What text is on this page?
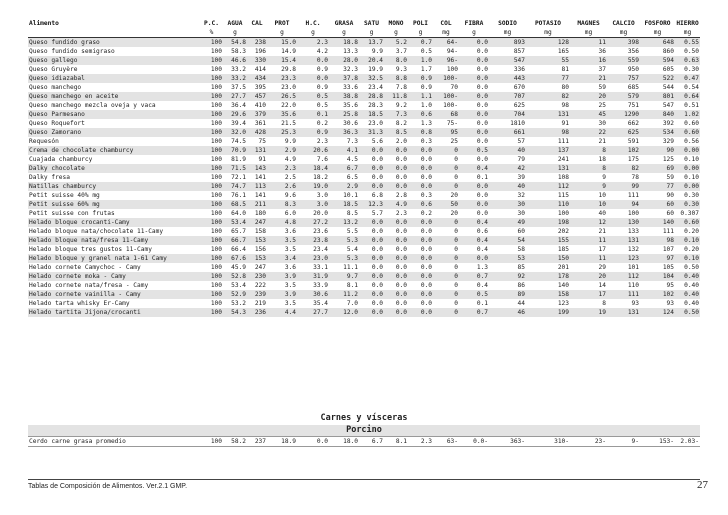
Alimento	P.C.	AGUA	CAL	PROT	H.C.	GRASA	SATU	MONO	POLI	COL	FIBRA	SODIO	POTASIO	MAGNES	CALCIO	FOSFORO	HIERRO
	%	g		g	g	g	g	g	g	mg	g	mg	mg	mg	mg	mg	mg
Queso fundido graso	100	54.8	238	15.0	2.3	18.8	13.7	5.2	0.7	64-	0.0	893	128	11	398	648	0.55
Queso fundido semigraso	100	58.3	196	14.9	4.2	13.3	9.9	3.7	0.5	94-	0.0	857	165	36	356	860	0.50
Queso gallego	100	46.6	330	15.4	0.0	28.0	20.4	8.0	1.0	96-	0.0	547	55	16	559	594	0.63
Queso Gruyère	100	33.2	414	29.8	0.9	32.3	19.9	9.3	1.7	100	0.0	336	81	37	950	605	0.30
Queso idiazabal	100	33.2	434	23.3	0.0	37.8	32.5	8.8	0.9	100-	0.0	443	77	21	757	522	0.47
Queso manchego	100	37.5	395	23.0	0.9	33.6	23.4	7.8	0.9	70	0.0	670	80	59	685	544	0.54
Queso manchego en aceite	100	27.7	457	26.5	0.5	38.8	28.8	11.8	1.1	100-	0.0	707	82	20	579	801	0.64
Queso manchego mezcla oveja y vaca	100	36.4	410	22.0	0.5	35.6	28.3	9.2	1.0	100-	0.0	625	98	25	751	547	0.51
Queso Parmesano	100	29.6	379	35.6	0.1	25.8	18.5	7.3	0.6	68	0.0	704	131	45	1290	840	1.02
Queso Roquefort	100	39.4	361	21.5	0.2	30.6	23.0	8.2	1.3	75-	0.0	1810	91	30	662	392	0.60
Queso Zamorano	100	32.0	428	25.3	0.9	36.3	31.3	8.5	0.8	95	0.0	661	98	22	625	534	0.60
Requesón	100	74.5	75	9.9	2.3	7.3	5.6	2.0	0.3	25	0.0	57	111	21	591	329	0.56
Crema de chocolate chamburcy	100	70.9	131	2.9	20.6	4.1	0.0	0.0	0.0	0	0.5	40	137	8	102	90	0.00
Cuajada chamburcy	100	81.9	91	4.9	7.6	4.5	0.0	0.0	0.0	0	0.0	79	241	18	175	125	0.10
Dalky chocolate	100	71.5	143	2.3	18.4	6.7	0.0	0.0	0.0	0	0.4	42	131	8	82	69	0.00
Dalky fresa	100	72.1	141	2.5	18.2	6.5	0.0	0.0	0.0	0	0.1	39	108	9	78	59	0.10
Natillas chamburcy	100	74.7	113	2.6	19.0	2.9	0.0	0.0	0.0	0	0.0	40	112	9	99	77	0.00
Petit suisse 40% mg	100	76.1	141	9.6	3.0	10.1	6.8	2.8	0.3	20	0.0	32	115	10	111	90	0.30
Petit suisse 60% mg	100	68.5	211	8.3	3.0	18.5	12.3	4.9	0.6	50	0.0	30	110	10	94	60	0.30
Petit suisse con frutas	100	64.0	180	6.0	20.0	8.5	5.7	2.3	0.2	20	0.0	30	100	40	100	60	0.307
Helado bloque crocanti-Camy	100	53.4	247	4.8	27.2	13.2	0.0	0.0	0.0	0	0.4	49	198	12	130	140	0.60
Helado bloque nata/chocolate 11-Camy	100	65.7	158	3.6	23.6	5.5	0.0	0.0	0.0	0	0.6	60	202	21	133	111	0.20
Helado bloque nata/fresa 11-Camy	100	66.7	153	3.5	23.8	5.3	0.0	0.0	0.0	0	0.4	54	155	11	131	98	0.10
Helado bloque tres gustos 11-Camy	100	66.4	156	3.5	23.4	5.4	0.0	0.0	0.0	0	0.4	58	185	17	132	107	0.20
Helado bloque y granel nata 1-61 Camy	100	67.6	153	3.4	23.0	5.3	0.0	0.0	0.0	0	0.0	53	150	11	123	97	0.10
Helado cornete Camychoc - Camy	100	45.9	247	3.6	33.1	11.1	0.0	0.0	0.0	0	1.3	85	201	29	101	105	0.50
Helado cornete moka - Camy	100	52.8	230	3.9	31.9	9.7	0.0	0.0	0.0	0	0.7	92	178	20	112	104	0.40
Helado cornete nata/fresa - Camy	100	53.4	222	3.5	33.9	8.1	0.0	0.0	0.0	0	0.4	86	140	14	110	95	0.40
Helado cornete vainilla - Camy	100	52.9	239	3.9	30.6	11.2	0.0	0.0	0.0	0	0.5	89	158	17	111	102	0.40
Helado tarta whisky Er-Camy	100	53.2	219	3.5	35.4	7.0	0.0	0.0	0.0	0	0.1	44	123	8	93	93	0.40
Helado tartita Jijona/crocanti	100	54.3	236	4.4	27.7	12.0	0.0	0.0	0.0	0	0.7	46	199	19	131	124	0.50
Carnes y vísceras
Porcino
Cerdo carne grasa promedio	100	58.2	237	18.9	0.0	18.0	6.7	8.1	2.3	63-	0.0-	363-	310-	23-	9-	153-	2.03-
Tablas de Composición de Alimentos. Ver.2.1 GMP.	27
